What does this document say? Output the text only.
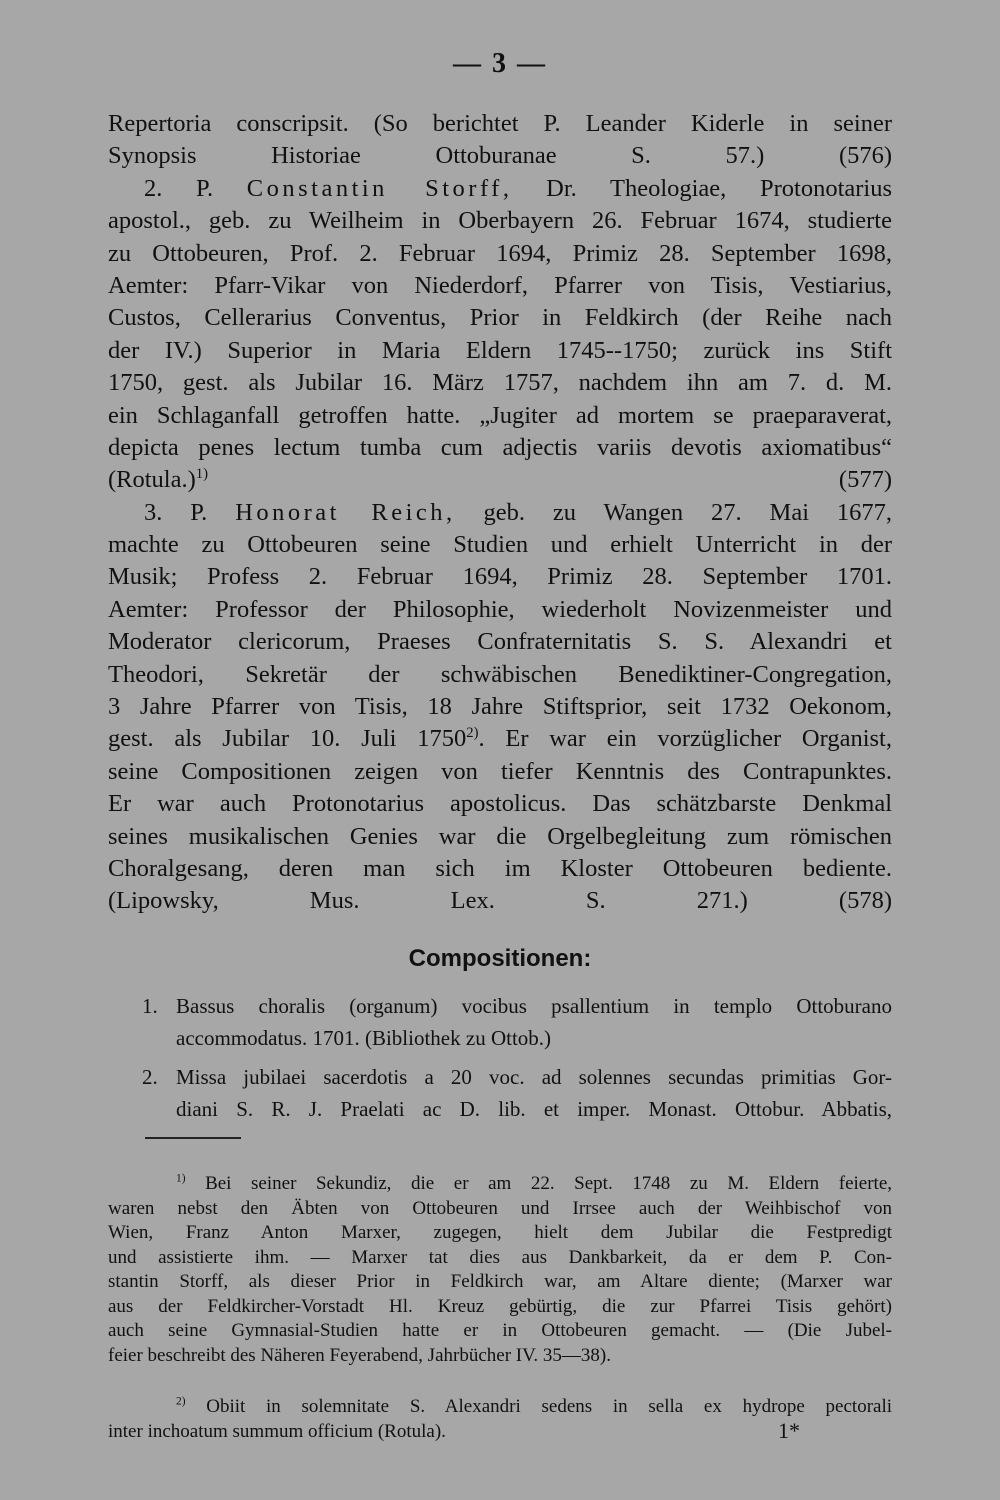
— 3 —
Repertoria conscripsit. (So berichtet P. Leander Kiderle in seiner
Synopsis Historiae Ottoburanae S. 57.)	(576)
2. P. Constantin Storff, Dr. Theologiae, Protonotarius
apostol., geb. zu Weilheim in Oberbayern 26. Februar 1674, studierte
zu Ottobeuren, Prof. 2. Februar 1694, Primiz 28. September 1698,
Aemter: Pfarr-Vikar von Niederdorf, Pfarrer von Tisis, Vestiarius,
Custos, Cellerarius Conventus, Prior in Feldkirch (der Reihe nach
der IV.) Superior in Maria Eldern 1745--1750; zurück ins Stift
1750, gest. als Jubilar 16. März 1757, nachdem ihn am 7. d. M.
ein Schlaganfall getroffen hatte. „Jugiter ad mortem se praeparaverat,
depicta penes lectum tumba cum adjectis variis devotis axiomatibus“
(Rotula.)$^{1)}$	(577)
3. P. Honorat Reich, geb. zu Wangen 27. Mai 1677,
machte zu Ottobeuren seine Studien und erhielt Unterricht in der
Musik; Profess 2. Februar 1694, Primiz 28. September 1701.
Aemter: Professor der Philosophie, wiederholt Novizenmeister und
Moderator clericorum, Praeses Confraternitatis S. S. Alexandri et
Theodori, Sekretär der schwäbischen Benediktiner-Congregation,
3 Jahre Pfarrer von Tisis, 18 Jahre Stiftsprior, seit 1732 Oekonom,
gest. als Jubilar 10. Juli 1750$^{2)}$. Er war ein vorzüglicher Organist,
seine Compositionen zeigen von tiefer Kenntnis des Contrapunktes.
Er war auch Protonotarius apostolicus. Das schätzbarste Denkmal
seines musikalischen Genies war die Orgelbegleitung zum römischen
Choralgesang, deren man sich im Kloster Ottobeuren bediente.
(Lipowsky, Mus. Lex. S. 271.)	(578)
Compositionen:
1. Bassus choralis (organum) vocibus psallentium in templo Ottoburano
accommodatus. 1701. (Bibliothek zu Ottob.)
2. Missa jubilaei sacerdotis a 20 voc. ad solennes secundas primitias Gor-
diani S. R. J. Praelati ac D. lib. et imper. Monast. Ottobur. Abbatis,
$^{1)}$ Bei seiner Sekundiz, die er am 22. Sept. 1748 zu M. Eldern feierte,
waren nebst den Äbten von Ottobeuren und Irrsee auch der Weihbischof von
Wien, Franz Anton Marxer, zugegen, hielt dem Jubilar die Festpredigt
und assistierte ihm. — Marxer tat dies aus Dankbarkeit, da er dem P. Con-
stantin Storff, als dieser Prior in Feldkirch war, am Altare diente; (Marxer war
aus der Feldkircher-Vorstadt Hl. Kreuz gebürtig, die zur Pfarrei Tisis gehört)
auch seine Gymnasial-Studien hatte er in Ottobeuren gemacht. — (Die Jubel-
feier beschreibt des Näheren Feyerabend, Jahrbücher IV. 35—38).
$^{2)}$ Obiit in solemnitate S. Alexandri sedens in sella ex hydrope pectorali
inter inchoatum summum officium (Rotula).	1*
